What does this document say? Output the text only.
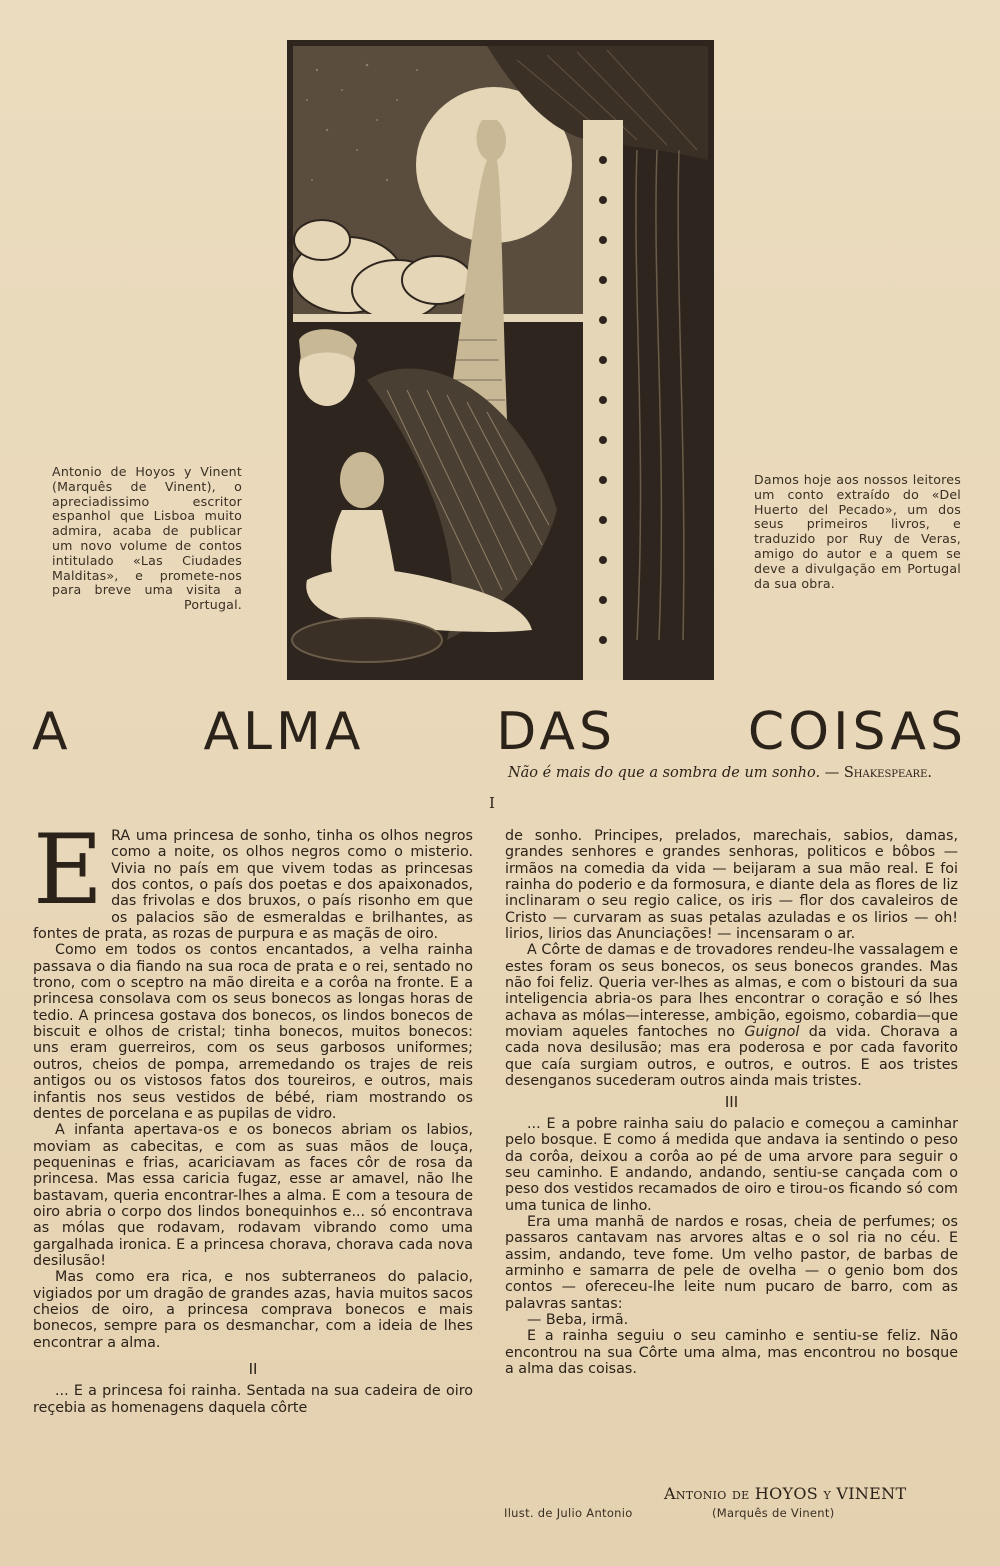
Antonio de Hoyos y Vinent (Marquês de Vinent), o apreciadissimo escritor espanhol que Lisboa muito admira, acaba de publicar um novo volume de contos intitulado «Las Ciudades Malditas», e promete-nos para breve uma visita a Portugal.
Damos hoje aos nossos leitores um conto extraído do «Del Huerto del Pecado», um dos seus primeiros livros, e traduzido por Ruy de Veras, amigo do autor e a quem se deve a divulgação em Portugal da sua obra.
A ALMA DAS COISAS
Não é mais do que a sombra de um sonho. — Shakespeare.
I

ERA uma princesa de sonho, tinha os olhos negros como a noite, os olhos negros como o misterio. Vivia no país em que vivem todas as princesas dos contos, o país dos poetas e dos apaixonados, das frivolas e dos bruxos, o país risonho em que os palacios são de esmeraldas e brilhantes, as fontes de prata, as rozas de purpura e as maçãs de oiro.

Como em todos os contos encantados, a velha rainha passava o dia fiando na sua roca de prata e o rei, sentado no trono, com o sceptro na mão direita e a corôa na fronte. E a princesa consolava com os seus bonecos as longas horas de tedio. A princesa gostava dos bonecos, os lindos bonecos de biscuit e olhos de cristal; tinha bonecos, muitos bonecos: uns eram guerreiros, com os seus garbosos uniformes; outros, cheios de pompa, arremedando os trajes de reis antigos ou os vistosos fatos dos toureiros, e outros, mais infantis nos seus vestidos de bébé, riam mostrando os dentes de porcelana e as pupilas de vidro.

A infanta apertava-os e os bonecos abriam os labios, moviam as cabecitas, e com as suas mãos de louça, pequeninas e frias, acariciavam as faces côr de rosa da princesa. Mas essa caricia fugaz, esse ar amavel, não lhe bastavam, queria encontrar-lhes a alma. E com a tesoura de oiro abria o corpo dos lindos bonequinhos e... só encontrava as mólas que rodavam, rodavam vibrando como uma gargalhada ironica. E a princesa chorava, chorava cada nova desilusão!

Mas como era rica, e nos subterraneos do palacio, vigiados por um dragão de grandes azas, havia muitos sacos cheios de oiro, a princesa comprava bonecos e mais bonecos, sempre para os desmanchar, com a ideia de lhes encontrar a alma.

II

... E a princesa foi rainha. Sentada na sua cadeira de oiro reçebia as homenagens daquela côrte

de sonho. Principes, prelados, marechais, sabios, damas, grandes senhores e grandes senhoras, politicos e bôbos — irmãos na comedia da vida — beijaram a sua mão real. E foi rainha do poderio e da formosura, e diante dela as flores de liz inclinaram o seu regio calice, os iris — flor dos cavaleiros de Cristo — curvaram as suas petalas azuladas e os lirios — oh! lirios, lirios das Anunciações! — incensaram o ar.

A Côrte de damas e de trovadores rendeu-lhe vassalagem e estes foram os seus bonecos, os seus bonecos grandes. Mas não foi feliz. Queria ver-lhes as almas, e com o bistouri da sua inteligencia abria-os para lhes encontrar o coração e só lhes achava as mólas—interesse, ambição, egoismo, cobardia—que moviam aqueles fantoches no Guignol da vida. Chorava a cada nova desilusão; mas era poderosa e por cada favorito que caía surgiam outros, e outros, e outros. E aos tristes desenganos sucederam outros ainda mais tristes.

III

... E a pobre rainha saiu do palacio e começou a caminhar pelo bosque. E como á medida que andava ia sentindo o peso da corôa, deixou a corôa ao pé de uma arvore para seguir o seu caminho. E andando, andando, sentiu-se cançada com o peso dos vestidos recamados de oiro e tirou-os ficando só com uma tunica de linho.

Era uma manhã de nardos e rosas, cheia de perfumes; os passaros cantavam nas arvores altas e o sol ria no céu. E assim, andando, teve fome. Um velho pastor, de barbas de arminho e samarra de pele de ovelha — o genio bom dos contos — ofereceu-lhe leite num pucaro de barro, com as palavras santas:

— Beba, irmã.

E a rainha seguiu o seu caminho e sentiu-se feliz. Não encontrou na sua Côrte uma alma, mas encontrou no bosque a alma das coisas.

Antonio de HOYOS y VINENT
Ilust. de Julio Antonio	(Marquês de Vinent)
